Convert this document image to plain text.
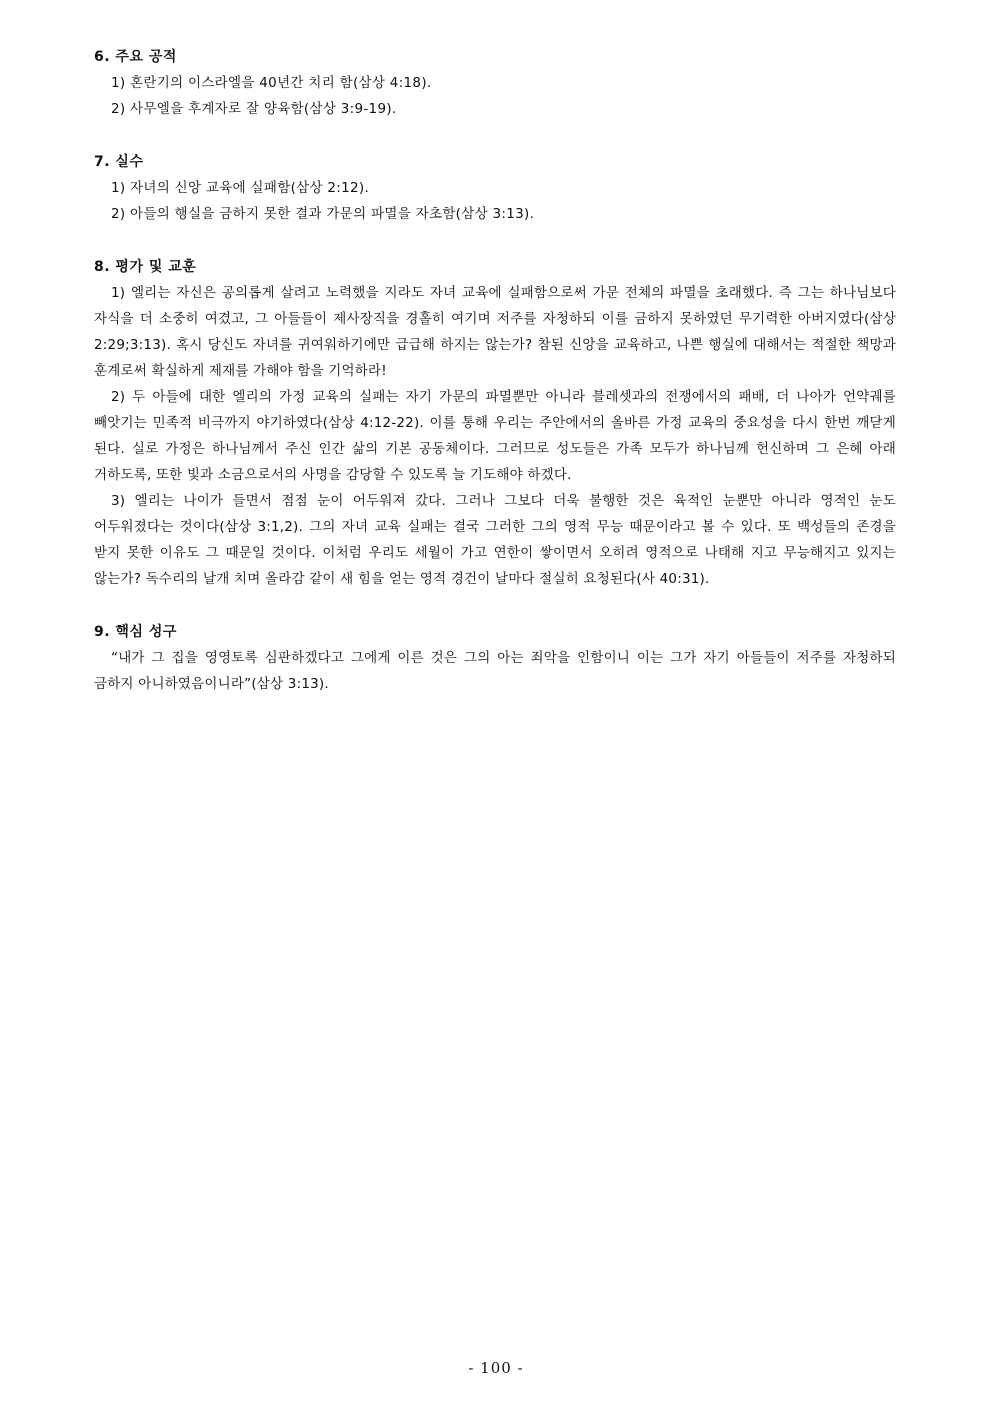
6. 주요 공적
1) 혼란기의 이스라엘을 40년간 치리 함(삼상 4:18).
2) 사무엘을 후계자로 잘 양육함(삼상 3:9-19).
7. 실수
1) 자녀의 신앙 교육에 실패함(삼상 2:12).
2) 아들의 행실을 금하지 못한 결과 가문의 파멸을 자초함(삼상 3:13).
8. 평가 및 교훈
1) 엘리는 자신은 공의롭게 살려고 노력했을 지라도 자녀 교육에 실패함으로써 가문 전체의 파멸을 초래했다. 즉 그는 하나님보다 자식을 더 소중히 여겼고, 그 아들들이 제사장직을 경홀히 여기며 저주를 자청하되 이를 금하지 못하였던 무기력한 아버지였다(삼상 2:29;3:13). 혹시 당신도 자녀를 귀여워하기에만 급급해 하지는 않는가? 참된 신앙을 교육하고, 나쁜 행실에 대해서는 적절한 책망과 훈계로써 확실하게 제재를 가해야 함을 기억하라!
2) 두 아들에 대한 엘리의 가정 교육의 실패는 자기 가문의 파멸뿐만 아니라 블레셋과의 전쟁에서의 패배, 더 나아가 언약궤를 빼앗기는 민족적 비극까지 야기하였다(삼상 4:12-22). 이를 통해 우리는 주안에서의 올바른 가정 교육의 중요성을 다시 한번 깨닫게 된다. 실로 가정은 하나님께서 주신 인간 삶의 기본 공동체이다. 그러므로 성도들은 가족 모두가 하나님께 헌신하며 그 은혜 아래 거하도록, 또한 빛과 소금으로서의 사명을 감당할 수 있도록 늘 기도해야 하겠다.
3) 엘리는 나이가 들면서 점점 눈이 어두워져 갔다. 그러나 그보다 더욱 불행한 것은 육적인 눈뿐만 아니라 영적인 눈도 어두워졌다는 것이다(삼상 3:1,2). 그의 자녀 교육 실패는 결국 그러한 그의 영적 무능 때문이라고 볼 수 있다. 또 백성들의 존경을 받지 못한 이유도 그 때문일 것이다. 이처럼 우리도 세월이 가고 연한이 쌓이면서 오히려 영적으로 나태해 지고 무능해지고 있지는 않는가? 독수리의 날개 치며 올라감 같이 새 힘을 얻는 영적 경건이 날마다 절실히 요청된다(사 40:31).
9. 핵심 성구
“내가 그 집을 영영토록 심판하겠다고 그에게 이른 것은 그의 아는 죄악을 인함이니 이는 그가 자기 아들들이 저주를 자청하되 금하지 아니하였음이니라”(삼상 3:13).
- 100 -
